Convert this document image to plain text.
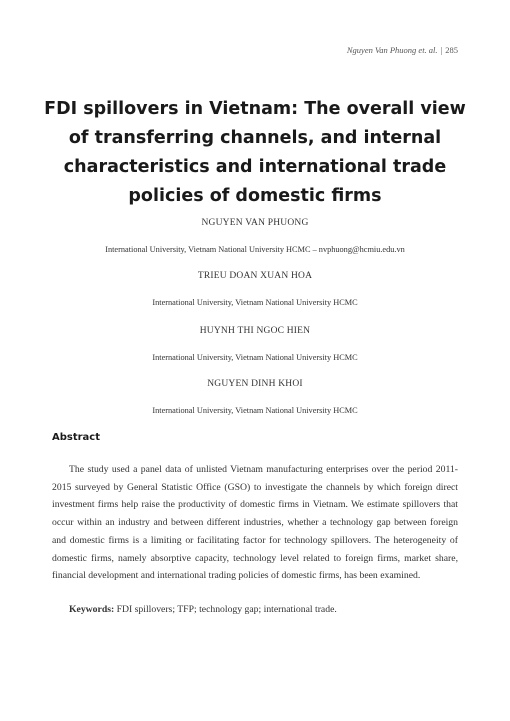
Nguyen Van Phuong et. al. | 285
FDI spillovers in Vietnam: The overall view of transferring channels, and internal characteristics and international trade policies of domestic firms
NGUYEN VAN PHUONG
International University, Vietnam National University HCMC – nvphuong@hcmiu.edu.vn
TRIEU DOAN XUAN HOA
International University, Vietnam National University HCMC
HUYNH THI NGOC HIEN
International University, Vietnam National University HCMC
NGUYEN DINH KHOI
International University, Vietnam National University HCMC
Abstract

The study used a panel data of unlisted Vietnam manufacturing enterprises over the period 2011-2015 surveyed by General Statistic Office (GSO) to investigate the channels by which foreign direct investment firms help raise the productivity of domestic firms in Vietnam. We estimate spillovers that occur within an industry and between different industries, whether a technology gap between foreign and domestic firms is a limiting or facilitating factor for technology spillovers. The heterogeneity of domestic firms, namely absorptive capacity, technology level related to foreign firms, market share, financial development and international trading policies of domestic firms, has been examined.

Keywords: FDI spillovers; TFP; technology gap; international trade.
